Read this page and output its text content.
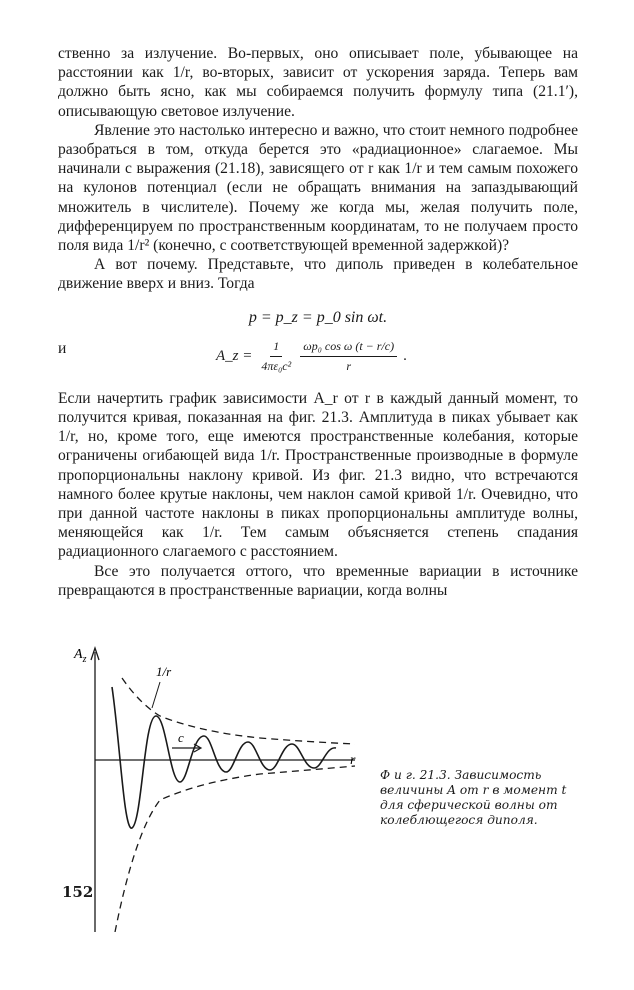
ственно за излучение. Во-первых, оно описывает поле, убывающее на расстоянии как 1/r, во-вторых, зависит от ускорения заряда. Теперь вам должно быть ясно, как мы собираемся получить формулу типа (21.1′), описывающую световое излучение.

Явление это настолько интересно и важно, что стоит немного подробнее разобраться в том, откуда берется это «радиационное» слагаемое. Мы начинали с выражения (21.18), зависящего от r как 1/r и тем самым похожего на кулонов потенциал (если не обращать внимания на запаздывающий множитель в числителе). Почему же когда мы, желая получить поле, дифференцируем по пространственным координатам, то не получаем просто поля вида 1/r² (конечно, с соответствующей временной задержкой)?

А вот почему. Представьте, что диполь приведен в колебательное движение вверх и вниз. Тогда

p = p_z = p_0 sin ωt.
и	A_z = $\frac{1}{\text{4πε₀c²}} \frac{\text{ωp₀ cos ω (t − r/c)}}{r}$ .

Если начертить график зависимости A_r от r в каждый данный момент, то получится кривая, показанная на фиг. 21.3. Амплитуда в пиках убывает как 1/r, но, кроме того, еще имеются пространственные колебания, которые ограничены огибающей вида 1/r. Пространственные производные в формуле пропорциональны наклону кривой. Из фиг. 21.3 видно, что встречаются намного более крутые наклоны, чем наклон самой кривой 1/r. Очевидно, что при данной частоте наклоны в пиках пропорциональны амплитуде волны, меняющейся как 1/r. Тем самым объясняется степень спадания радиационного слагаемого с расстоянием.

Все это получается оттого, что временные вариации в источнике превращаются в пространственные вариации, когда волны

$A_z$
r
c
1/r
Ф и г. 21.3. Зависимость величины A от r в момент t для сферической волны от колеблющегося диполя.
152
